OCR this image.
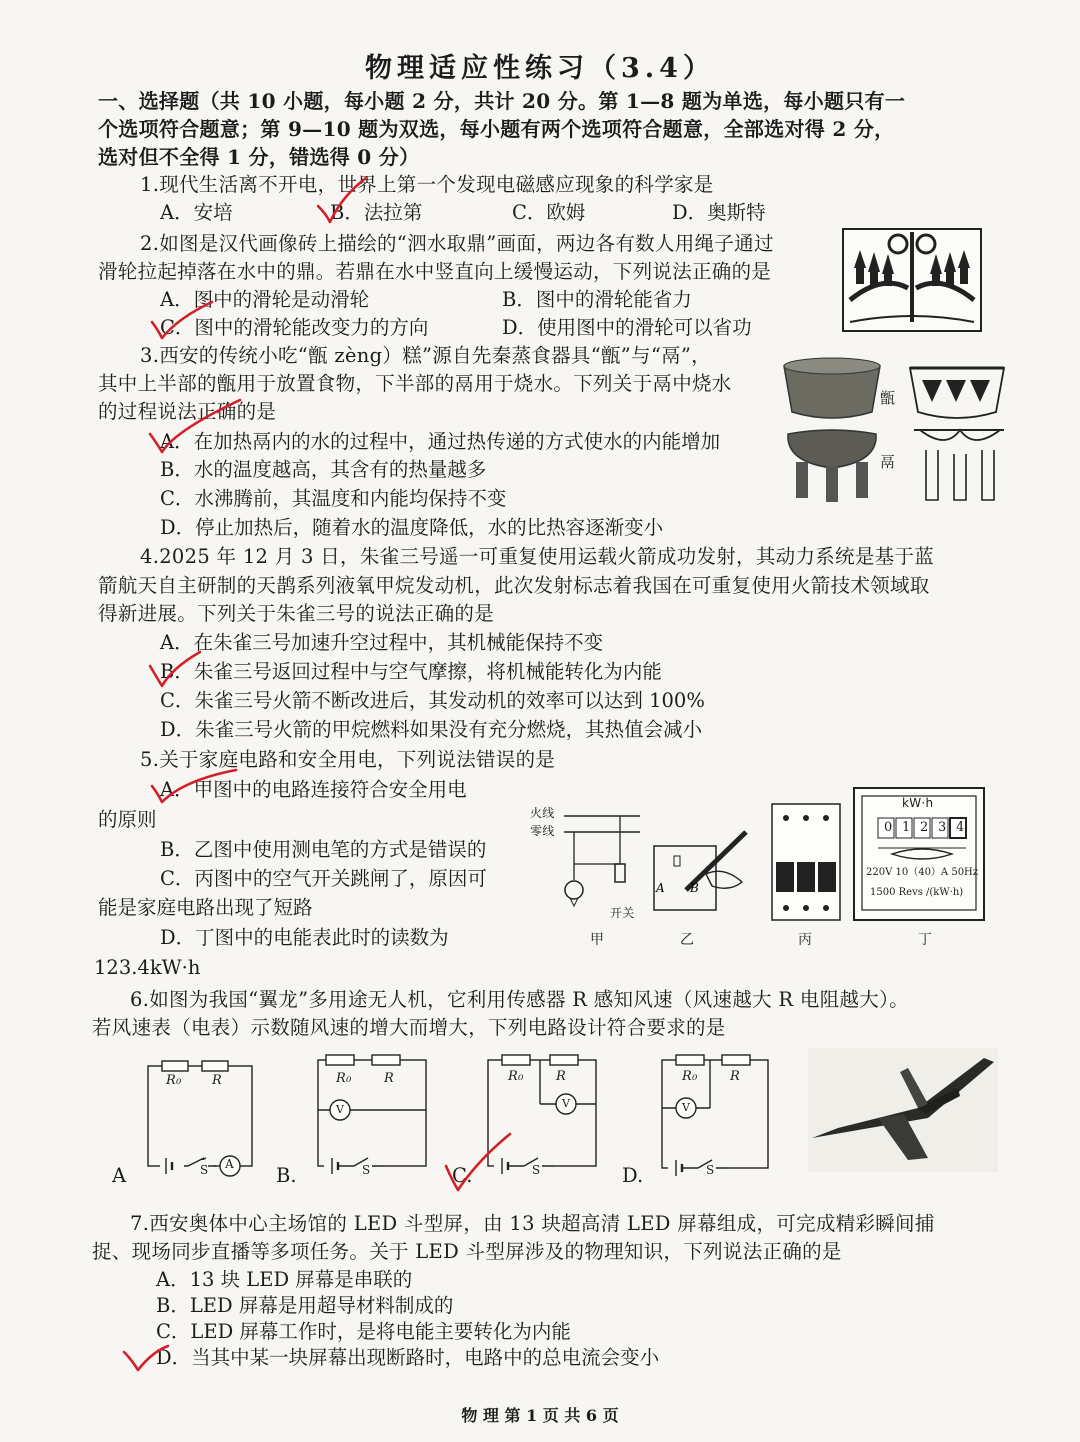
物理适应性练习（3.4）
一、选择题（共 10 小题，每小题 2 分，共计 20 分。第 1—8 题为单选，每小题只有一
个选项符合题意；第 9—10 题为双选，每小题有两个选项符合题意，全部选对得 2 分，
选对但不全得 1 分，错选得 0 分）
1.现代生活离不开电，世界上第一个发现电磁感应现象的科学家是
A．安培	B．法拉第	C．欧姆	D．奥斯特
2.如图是汉代画像砖上描绘的“泗水取鼎”画面，两边各有数人用绳子通过
滑轮拉起掉落在水中的鼎。若鼎在水中竖直向上缓慢运动，下列说法正确的是
A．图中的滑轮是动滑轮	B．图中的滑轮能省力
C．图中的滑轮能改变力的方向	D．使用图中的滑轮可以省功
3.西安的传统小吃“甑 zèng）糕”源自先秦蒸食器具“甑”与“鬲”，
其中上半部的甑用于放置食物，下半部的鬲用于烧水。下列关于鬲中烧水
的过程说法正确的是
A．在加热鬲内的水的过程中，通过热传递的方式使水的内能增加
B．水的温度越高，其含有的热量越多
C．水沸腾前，其温度和内能均保持不变
D．停止加热后，随着水的温度降低，水的比热容逐渐变小
甑
鬲
4.2025 年 12 月 3 日，朱雀三号遥一可重复使用运载火箭成功发射，其动力系统是基于蓝
箭航天自主研制的天鹊系列液氧甲烷发动机，此次发射标志着我国在可重复使用火箭技术领域取
得新进展。下列关于朱雀三号的说法正确的是
A．在朱雀三号加速升空过程中，其机械能保持不变
B．朱雀三号返回过程中与空气摩擦，将机械能转化为内能
C．朱雀三号火箭不断改进后，其发动机的效率可以达到 100%
D．朱雀三号火箭的甲烷燃料如果没有充分燃烧，其热值会减小
5.关于家庭电路和安全用电，下列说法错误的是
A．甲图中的电路连接符合安全用电
的原则
B．乙图中使用测电笔的方式是错误的
C．丙图中的空气开关跳闸了，原因可
能是家庭电路出现了短路
D．丁图中的电能表此时的读数为
123.4kW·h
火线
零线
开关
甲
A B
乙	丙
kW·h
0 1 2 3 4
220V 10（40）A 50Hz
1500 Revs /(kW·h)
丁
6.如图为我国“翼龙”多用途无人机，它利用传感器 R 感知风速（风速越大 R 电阻越大）。
若风速表（电表）示数随风速的增大而增大，下列电路设计符合要求的是
R₀ R
S A
R₀ R
V
S
R₀ R
V
S
R₀ R
V
S
A	B.	C.	D.
7.西安奥体中心主场馆的 LED 斗型屏，由 13 块超高清 LED 屏幕组成，可完成精彩瞬间捕
捉、现场同步直播等多项任务。关于 LED 斗型屏涉及的物理知识，下列说法正确的是
A．13 块 LED 屏幕是串联的
B．LED 屏幕是用超导材料制成的
C．LED 屏幕工作时，是将电能主要转化为内能
D．当其中某一块屏幕出现断路时，电路中的总电流会变小
物 理 第 1 页 共 6 页
